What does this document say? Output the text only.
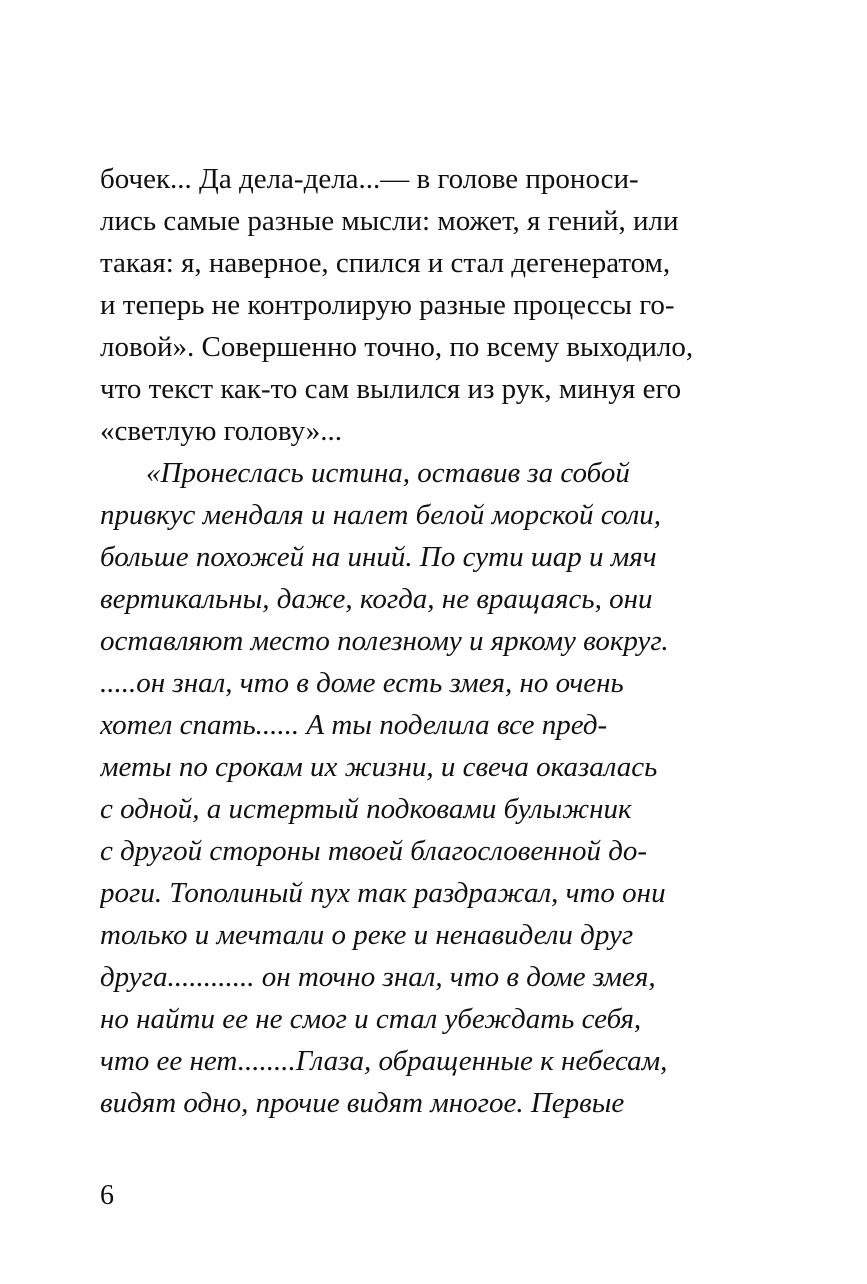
бочек... Да дела-дела...— в голове проноси-
лись самые разные мысли: может, я гений, или
такая: я, наверное, спился и стал дегенератом,
и теперь не контролирую разные процессы го-
ловой». Совершенно точно, по всему выходило,
что текст как-то сам вылился из рук, минуя его
«светлую голову»...
«Пронеслась истина, оставив за собой
привкус мендаля и налет белой морской соли,
больше похожей на иний. По сути шар и мяч
вертикальны, даже, когда, не вращаясь, они
оставляют место полезному и яркому вокруг.
.....он знал, что в доме есть змея, но очень
хотел спать...... А ты поделила все пред-
меты по срокам их жизни, и свеча оказалась
с одной, а истертый подковами булыжник
с другой стороны твоей благословенной до-
роги. Тополиный пух так раздражал, что они
только и мечтали о реке и ненавидели друг
друга............ он точно знал, что в доме змея,
но найти ее не смог и стал убеждать себя,
что ее нет........Глаза, обращенные к небесам,
видят одно, прочие видят многое. Первые
6
